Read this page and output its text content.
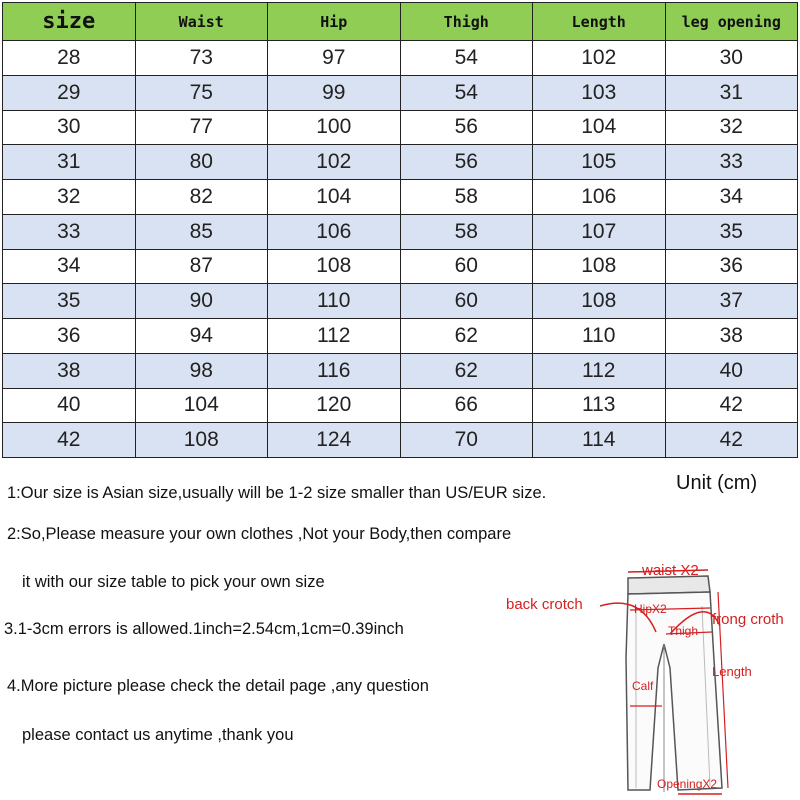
size	Waist	Hip	Thigh	Length	leg opening
28	73	97	54	102	30
29	75	99	54	103	31
30	77	100	56	104	32
31	80	102	56	105	33
32	82	104	58	106	34
33	85	106	58	107	35
34	87	108	60	108	36
35	90	110	60	108	37
36	94	112	62	110	38
38	98	116	62	112	40
40	104	120	66	113	42
42	108	124	70	114	42
Unit (cm)
1:Our size is Asian size,usually will be 1-2 size smaller than US/EUR size.
2:So,Please measure your own clothes ,Not your Body,then compare
it with our size table to pick your own size
3.1-3cm errors is allowed.1inch=2.54cm,1cm=0.39inch
4.More picture please check the detail page ,any question
please contact us anytime ,thank you
waist X2
back crotch	HipX2
Thigh
frong croth
Length
Calf
OpeningX2
